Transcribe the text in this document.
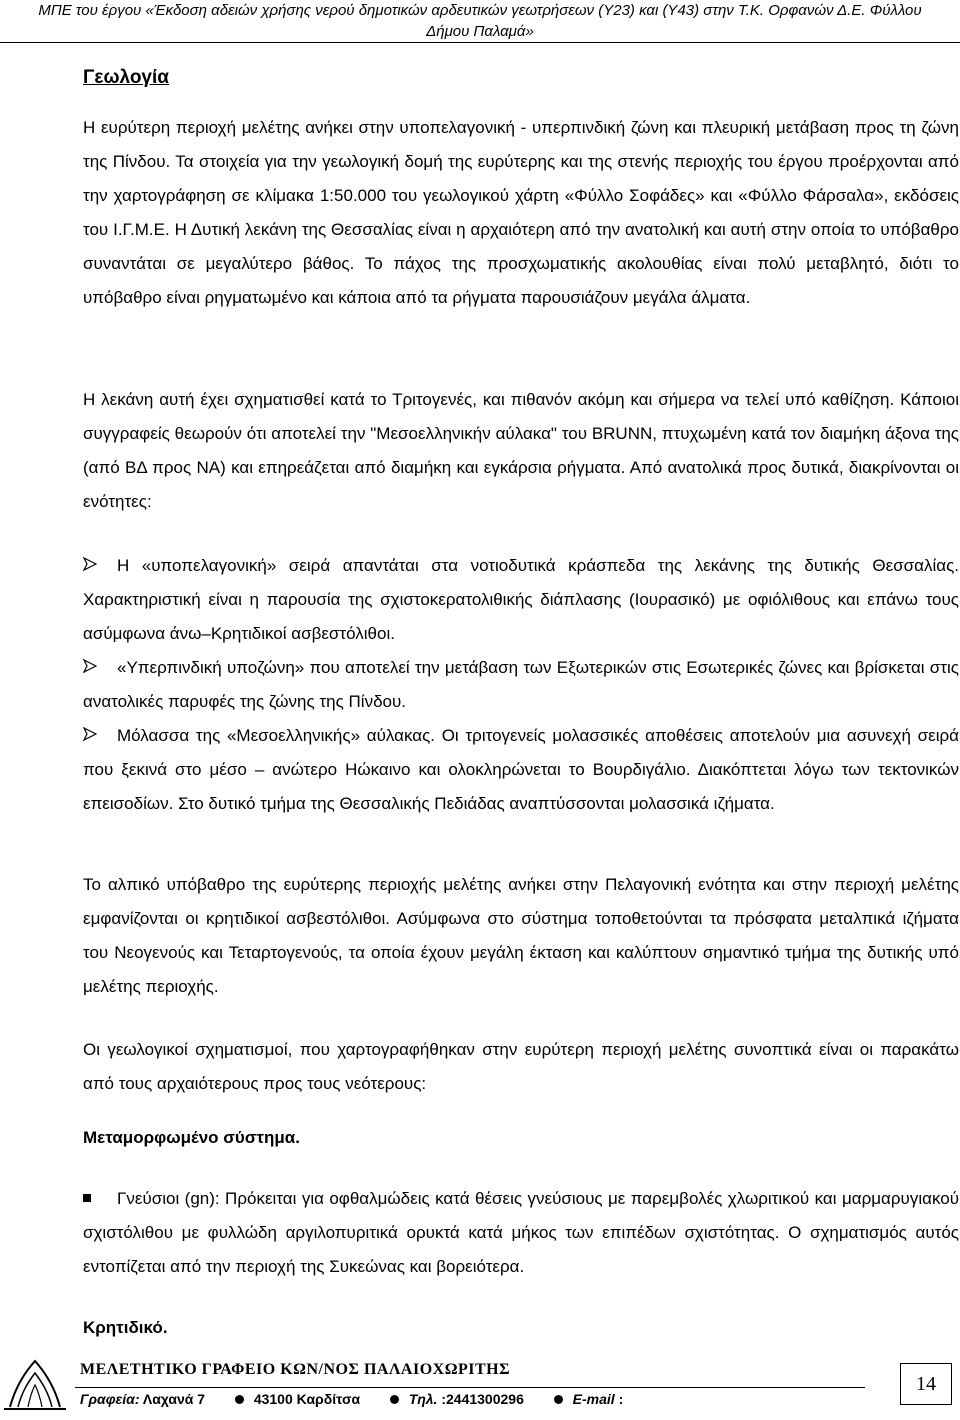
ΜΠΕ του έργου «Έκδοση αδειών χρήσης νερού δημοτικών αρδευτικών γεωτρήσεων (Υ23) και (Υ43) στην Τ.Κ. Ορφανών Δ.Ε. Φύλλου
Δήμου Παλαμά»
Γεωλογία

Η ευρύτερη περιοχή μελέτης ανήκει στην υποπελαγονική - υπερπινδική ζώνη και πλευρική μετάβαση προς τη ζώνη της Πίνδου. Τα στοιχεία για την γεωλογική δομή της ευρύτερης και της στενής περιοχής του έργου προέρχονται από την χαρτογράφηση σε κλίμακα 1:50.000 του γεωλογικού χάρτη «Φύλλο Σοφάδες» και «Φύλλο Φάρσαλα», εκδόσεις του Ι.Γ.Μ.Ε. Η Δυτική λεκάνη της Θεσσαλίας είναι η αρχαιότερη από την ανατολική και αυτή στην οποία το υπόβαθρο συναντάται σε μεγαλύτερο βάθος. Το πάχος της προσχωματικής ακολουθίας είναι πολύ μεταβλητό, διότι το υπόβαθρο είναι ρηγματωμένο και κάποια από τα ρήγματα παρουσιάζουν μεγάλα άλματα.

Η λεκάνη αυτή έχει σχηματισθεί κατά το Τριτογενές, και πιθανόν ακόμη και σήμερα να τελεί υπό καθίζηση. Κάποιοι συγγραφείς θεωρούν ότι αποτελεί την "Μεσοελληνικήν αύλακα" του BRUNN, πτυχωμένη κατά τον διαμήκη άξονα της (από ΒΔ προς ΝΑ) και επηρεάζεται από διαμήκη και εγκάρσια ρήγματα. Από ανατολικά προς δυτικά, διακρίνονται οι ενότητες:

Η «υποπελαγονική» σειρά απαντάται στα νοτιοδυτικά κράσπεδα της λεκάνης της δυτικής Θεσσαλίας. Χαρακτηριστική είναι η παρουσία της σχιστοκερατολιθικής διάπλασης (Ιουρασικό) με οφιόλιθους και επάνω τους ασύμφωνα άνω–Κρητιδικοί ασβεστόλιθοι.

«Υπερπινδική υποζώνη» που αποτελεί την μετάβαση των Εξωτερικών στις Εσωτερικές ζώνες και βρίσκεται στις ανατολικές παρυφές της ζώνης της Πίνδου.

Μόλασσα της «Μεσοελληνικής» αύλακας. Οι τριτογενείς μολασσικές αποθέσεις αποτελούν μια ασυνεχή σειρά που ξεκινά στο μέσο – ανώτερο Ηώκαινο και ολοκληρώνεται το Βουρδιγάλιο. Διακόπτεται λόγω των τεκτονικών επεισοδίων. Στο δυτικό τμήμα της Θεσσαλικής Πεδιάδας αναπτύσσονται μολασσικά ιζήματα.

Το αλπικό υπόβαθρο της ευρύτερης περιοχής μελέτης ανήκει στην Πελαγονική ενότητα και στην περιοχή μελέτης εμφανίζονται οι κρητιδικοί ασβεστόλιθοι. Ασύμφωνα στο σύστημα τοποθετούνται τα πρόσφατα μεταλπικά ιζήματα του Νεογενούς και Τεταρτογενούς, τα οποία έχουν μεγάλη έκταση και καλύπτουν σημαντικό τμήμα της δυτικής υπό μελέτης περιοχής.

Οι γεωλογικοί σχηματισμοί, που χαρτογραφήθηκαν στην ευρύτερη περιοχή μελέτης συνοπτικά είναι οι παρακάτω από τους αρχαιότερους προς τους νεότερους:

Μεταμορφωμένο σύστημα.

Γνεύσιοι (gn): Πρόκειται για οφθαλμώδεις κατά θέσεις γνεύσιους με παρεμβολές χλωριτικού και μαρμαρυγιακού σχιστόλιθου με φυλλώδη αργιλοπυριτικά ορυκτά κατά μήκος των επιπέδων σχιστότητας. Ο σχηματισμός αυτός εντοπίζεται από την περιοχή της Συκεώνας και βορειότερα.

Κρητιδικό.
ΜΕΛΕΤΗΤΙΚΟ ΓΡΑΦΕΙΟ ΚΩΝ/ΝΟΣ ΠΑΛΑΙΟΧΩΡΙΤΗΣ
Γραφεία: Λαχανά 7	43100 Καρδίτσα	Τηλ. :2441300296	E-mail :
14
